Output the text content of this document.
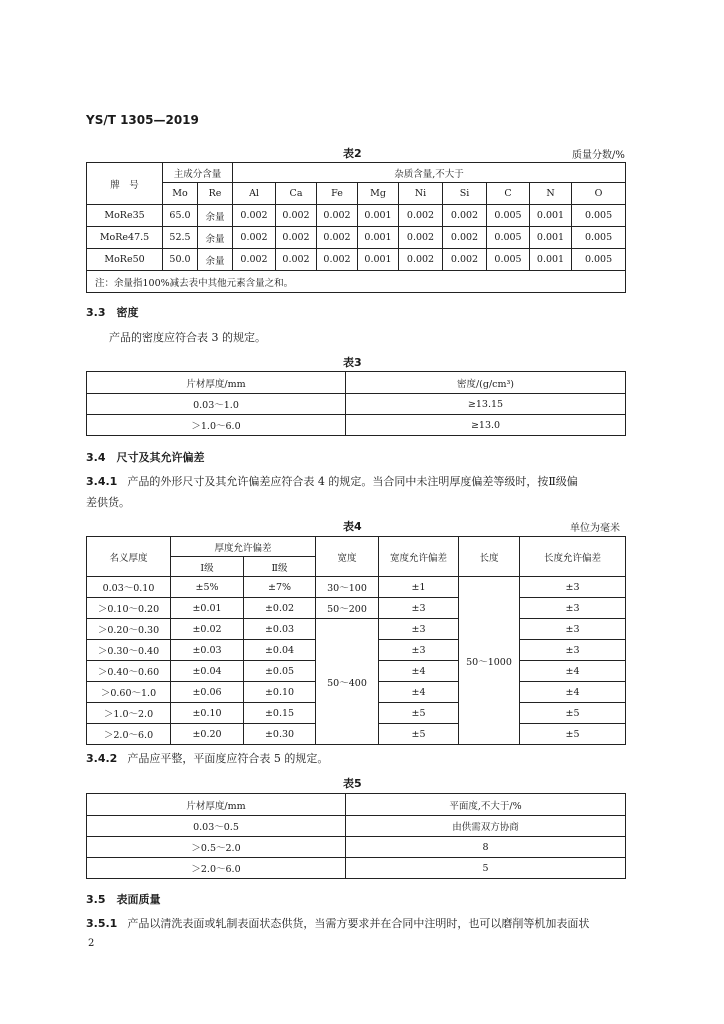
YS/T 1305—2019
表2	质量分数/%
牌　号	主成分含量		杂质含量,不大于								
	Mo	Re	Al	Ca	Fe	Mg	Ni	Si	C	N	O
MoRe35	65.0	余量	0.002	0.002	0.002	0.001	0.002	0.002	0.005	0.001	0.005
MoRe47.5	52.5	余量	0.002	0.002	0.002	0.001	0.002	0.002	0.005	0.001	0.005
MoRe50	50.0	余量	0.002	0.002	0.002	0.001	0.002	0.002	0.005	0.001	0.005
注：余量指100%减去表中其他元素含量之和。											
3.3　密度
产品的密度应符合表 3 的规定。
表3
片材厚度/mm	密度/(g/cm³)
0.03～1.0	≥13.15
＞1.0～6.0	≥13.0
3.4　尺寸及其允许偏差
3.4.1 产品的外形尺寸及其允许偏差应符合表 4 的规定。当合同中未注明厚度偏差等级时，按Ⅱ级偏
差供货。
表4	单位为毫米
名义厚度	厚度允许偏差		宽度	宽度允许偏差	长度	长度允许偏差
	Ⅰ级	Ⅱ级				
0.03～0.10	±5%	±7%	30～100	±1	50～1000	±3
＞0.10～0.20	±0.01	±0.02	50～200	±3		±3
＞0.20～0.30	±0.02	±0.03	50～400	±3		±3
＞0.30～0.40	±0.03	±0.04		±3		±3
＞0.40～0.60	±0.04	±0.05		±4		±4
＞0.60～1.0	±0.06	±0.10		±4		±4
＞1.0～2.0	±0.10	±0.15		±5		±5
＞2.0～6.0	±0.20	±0.30		±5		±5
3.4.2 产品应平整，平面度应符合表 5 的规定。
表5
片材厚度/mm	平面度,不大于/%
0.03～0.5	由供需双方协商
＞0.5～2.0	8
＞2.0～6.0	5
3.5　表面质量
3.5.1 产品以清洗表面或轧制表面状态供货，当需方要求并在合同中注明时，也可以磨削等机加表面状
2
